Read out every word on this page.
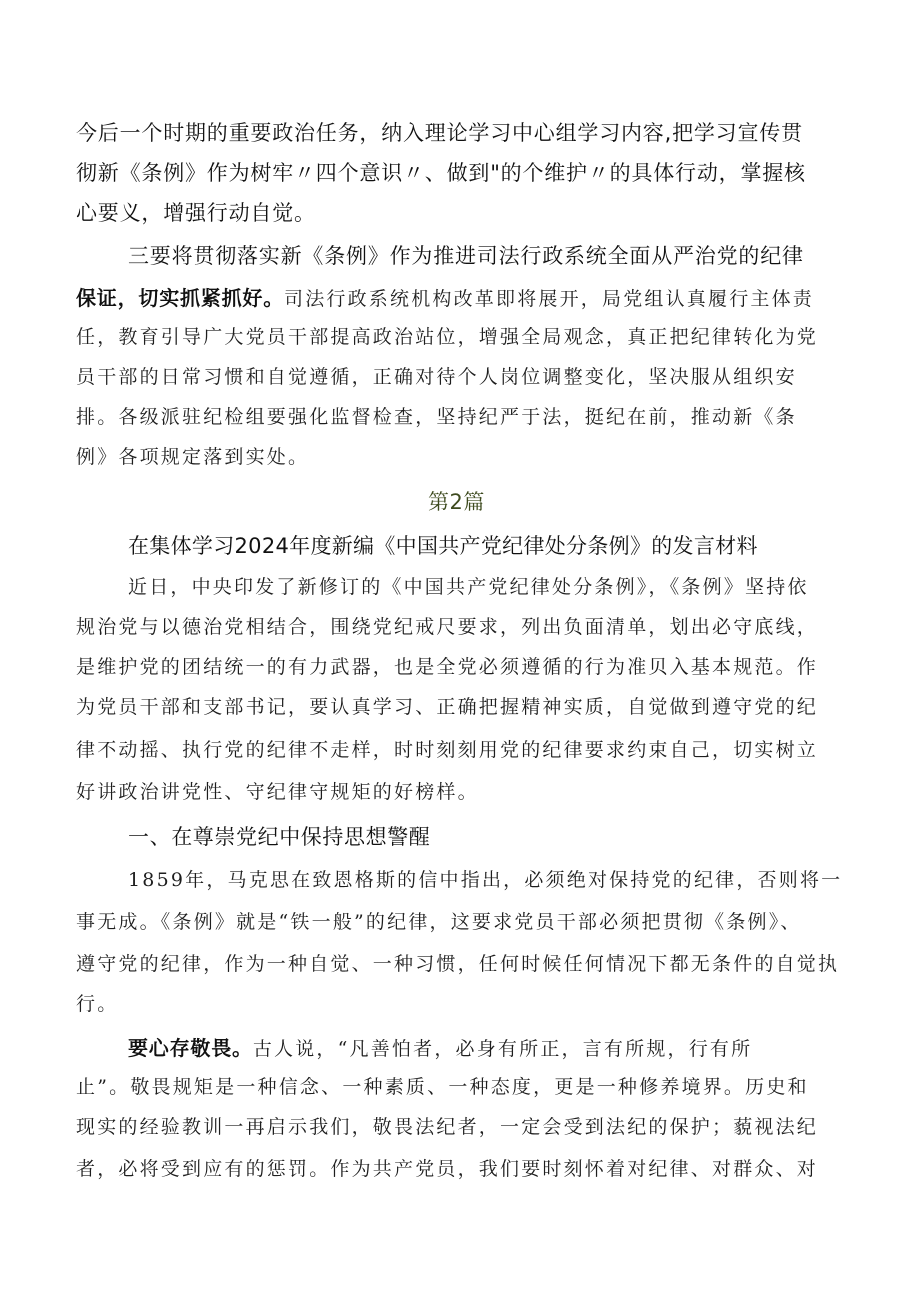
今后一个时期的重要政治任务，纳入理论学习中心组学习内容,把学习宣传贯
彻新《条例》作为树牢〃四个意识〃、做到"的个维护〃的具体行动，掌握核
心要义，增强行动自觉。
三要将贯彻落实新《条例》作为推进司法行政系统全面从严治党的纪律
保证，切实抓紧抓好。司法行政系统机构改革即将展开，局党组认真履行主体责
任，教育引导广大党员干部提高政治站位，增强全局观念，真正把纪律转化为党
员干部的日常习惯和自觉遵循，正确对待个人岗位调整变化，坚决服从组织安
排。各级派驻纪检组要强化监督检查，坚持纪严于法，挺纪在前，推动新《条
例》各项规定落到实处。
第2篇
在集体学习2024年度新编《中国共产党纪律处分条例》的发言材料
近日，中央印发了新修订的《中国共产党纪律处分条例》，《条例》坚持依
规治党与以德治党相结合，围绕党纪戒尺要求，列出负面清单，划出必守底线，
是维护党的团结统一的有力武器，也是全党必须遵循的行为准贝入基本规范。作
为党员干部和支部书记，要认真学习、正确把握精神实质，自觉做到遵守党的纪
律不动摇、执行党的纪律不走样，时时刻刻用党的纪律要求约束自己，切实树立
好讲政治讲党性、守纪律守规矩的好榜样。
一、在尊崇党纪中保持思想警醒
1859年，马克思在致恩格斯的信中指出，必须绝对保持党的纪律，否则将一
事无成。《条例》就是“铁一般”的纪律，这要求党员干部必须把贯彻《条例》、
遵守党的纪律，作为一种自觉、一种习惯，任何时候任何情况下都无条件的自觉执
行。
要心存敬畏。古人说，“凡善怕者，必身有所正，言有所规，行有所
止”。敬畏规矩是一种信念、一种素质、一种态度，更是一种修养境界。历史和
现实的经验教训一再启示我们，敬畏法纪者，一定会受到法纪的保护；藐视法纪
者，必将受到应有的惩罚。作为共产党员，我们要时刻怀着对纪律、对群众、对
